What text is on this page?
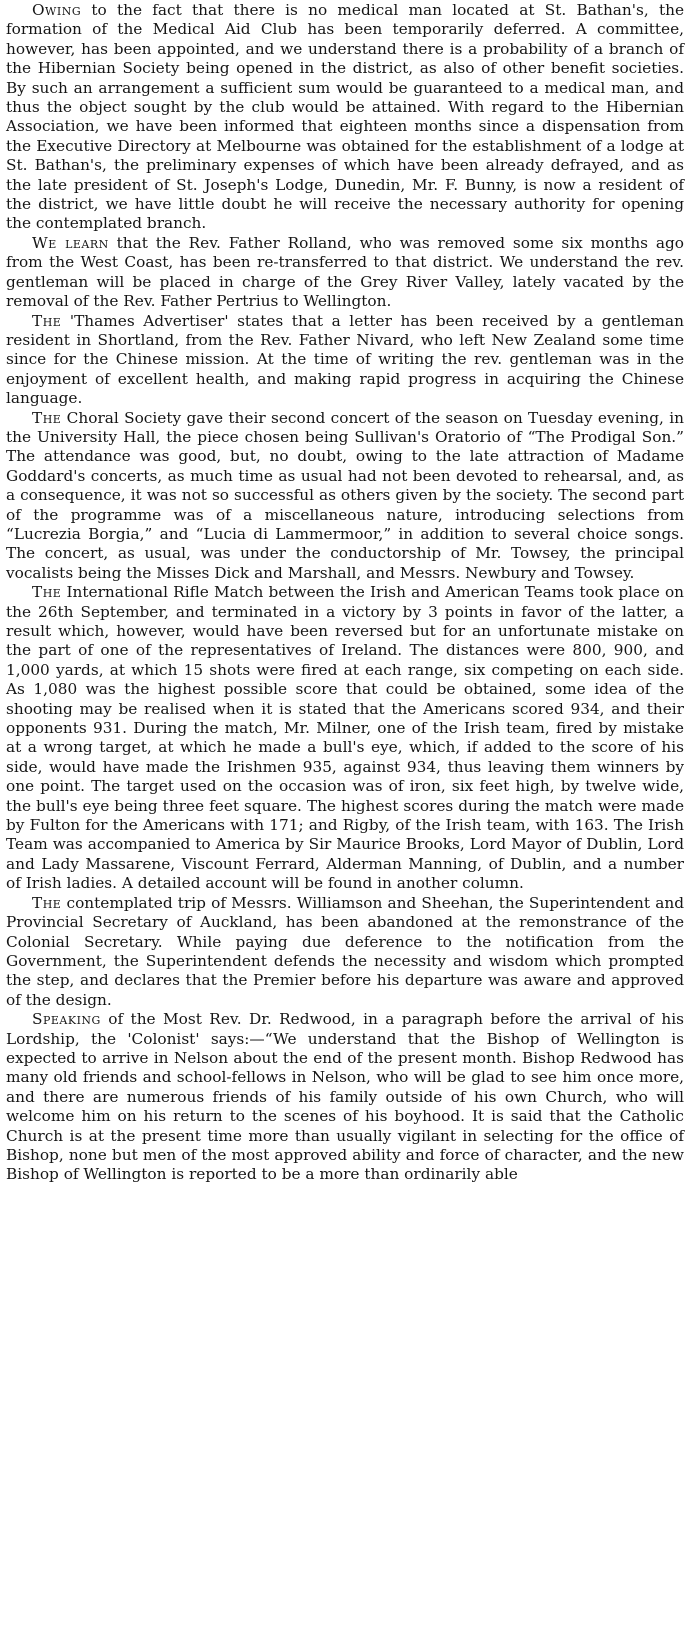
Owing to the fact that there is no medical man located at St. Bathan's, the formation of the Medical Aid Club has been temporarily deferred. A committee, however, has been appointed, and we understand there is a probability of a branch of the Hibernian Society being opened in the district, as also of other benefit societies. By such an arrangement a sufficient sum would be guaranteed to a medical man, and thus the object sought by the club would be attained. With regard to the Hibernian Association, we have been informed that eighteen months since a dispensation from the Executive Directory at Melbourne was obtained for the establishment of a lodge at St. Bathan's, the preliminary expenses of which have been already defrayed, and as the late president of St. Joseph's Lodge, Dunedin, Mr. F. Bunny, is now a resident of the district, we have little doubt he will receive the necessary authority for opening the contemplated branch.

We learn that the Rev. Father Rolland, who was removed some six months ago from the West Coast, has been re-transferred to that district. We understand the rev. gentleman will be placed in charge of the Grey River Valley, lately vacated by the removal of the Rev. Father Pertrius to Wellington.

The 'Thames Advertiser' states that a letter has been received by a gentleman resident in Shortland, from the Rev. Father Nivard, who left New Zealand some time since for the Chinese mission. At the time of writing the rev. gentleman was in the enjoyment of excellent health, and making rapid progress in acquiring the Chinese language.

The Choral Society gave their second concert of the season on Tuesday evening, in the University Hall, the piece chosen being Sullivan's Oratorio of “The Prodigal Son.” The attendance was good, but, no doubt, owing to the late attraction of Madame Goddard's concerts, as much time as usual had not been devoted to rehearsal, and, as a consequence, it was not so successful as others given by the society. The second part of the programme was of a miscellaneous nature, introducing selections from “Lucrezia Borgia,” and “Lucia di Lammermoor,” in addition to several choice songs. The concert, as usual, was under the conductorship of Mr. Towsey, the principal vocalists being the Misses Dick and Marshall, and Messrs. Newbury and Towsey.

The International Rifle Match between the Irish and American Teams took place on the 26th September, and terminated in a victory by 3 points in favor of the latter, a result which, however, would have been reversed but for an unfortunate mistake on the part of one of the representatives of Ireland. The distances were 800, 900, and 1,000 yards, at which 15 shots were fired at each range, six competing on each side. As 1,080 was the highest possible score that could be obtained, some idea of the shooting may be realised when it is stated that the Americans scored 934, and their opponents 931. During the match, Mr. Milner, one of the Irish team, fired by mistake at a wrong target, at which he made a bull's eye, which, if added to the score of his side, would have made the Irishmen 935, against 934, thus leaving them winners by one point. The target used on the occasion was of iron, six feet high, by twelve wide, the bull's eye being three feet square. The highest scores during the match were made by Fulton for the Americans with 171; and Rigby, of the Irish team, with 163. The Irish Team was accompanied to America by Sir Maurice Brooks, Lord Mayor of Dublin, Lord and Lady Massarene, Viscount Ferrard, Alderman Manning, of Dublin, and a number of Irish ladies. A detailed account will be found in another column.

The contemplated trip of Messrs. Williamson and Sheehan, the Superintendent and Provincial Secretary of Auckland, has been abandoned at the remonstrance of the Colonial Secretary. While paying due deference to the notification from the Government, the Superintendent defends the necessity and wisdom which prompted the step, and declares that the Premier before his departure was aware and approved of the design.

Speaking of the Most Rev. Dr. Redwood, in a paragraph before the arrival of his Lordship, the 'Colonist' says:—“We understand that the Bishop of Wellington is expected to arrive in Nelson about the end of the present month. Bishop Redwood has many old friends and school-fellows in Nelson, who will be glad to see him once more, and there are numerous friends of his family outside of his own Church, who will welcome him on his return to the scenes of his boyhood. It is said that the Catholic Church is at the present time more than usually vigilant in selecting for the office of Bishop, none but men of the most approved ability and force of character, and the new Bishop of Wellington is reported to be a more than ordinarily able
